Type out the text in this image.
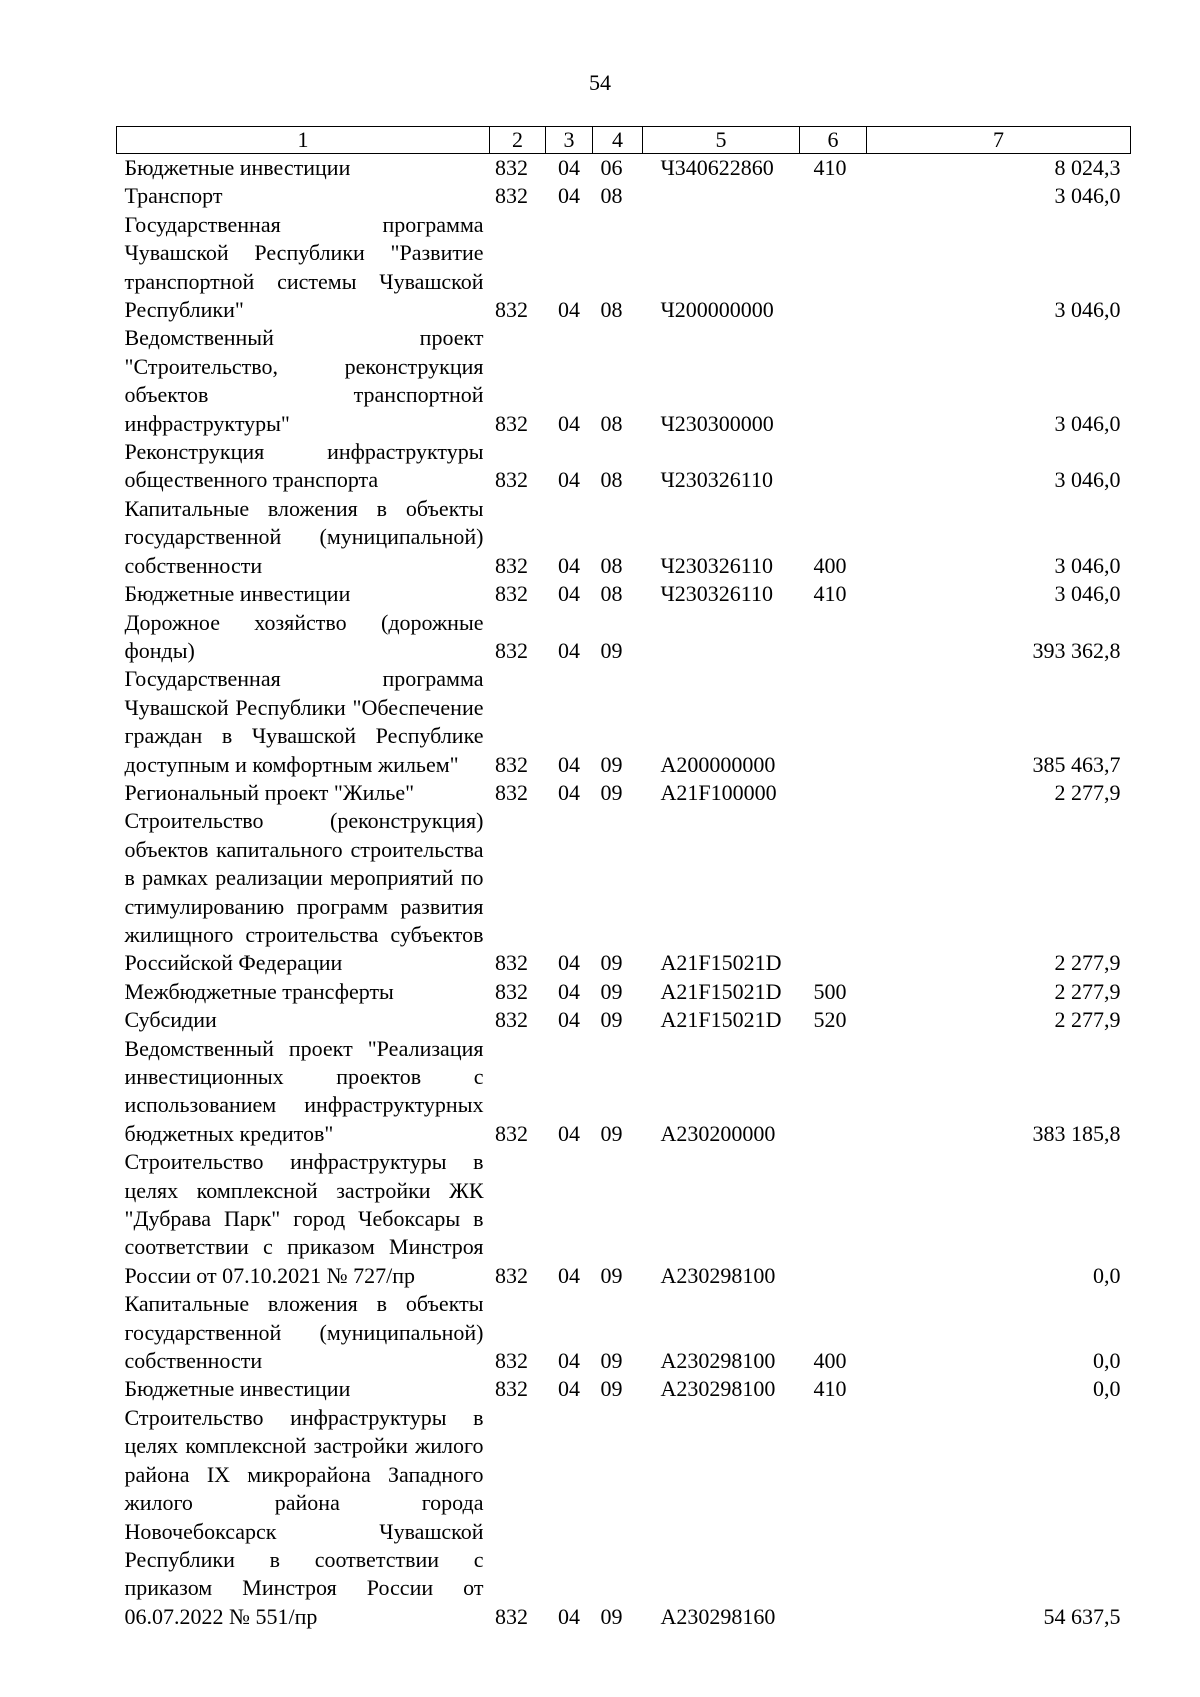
54
1	2	3	4	5	6	7
Бюджетные инвестиции	832	04	06	Ч340622860	410	8 024,3
Транспорт	832	04	08			3 046,0
Государственная программа Чувашской Республики "Развитие транспортной системы Чувашской Республики"	832	04	08	Ч200000000		3 046,0
Ведомственный проект "Строительство, реконструкция объектов транспортной инфраструктуры"	832	04	08	Ч230300000		3 046,0
Реконструкция инфраструктуры общественного транспорта	832	04	08	Ч230326110		3 046,0
Капитальные вложения в объекты государственной (муниципальной) собственности	832	04	08	Ч230326110	400	3 046,0
Бюджетные инвестиции	832	04	08	Ч230326110	410	3 046,0
Дорожное хозяйство (дорожные фонды)	832	04	09			393 362,8
Государственная программа Чувашской Республики "Обеспечение граждан в Чувашской Республике доступным и комфортным жильем"	832	04	09	A200000000		385 463,7
Региональный проект "Жилье"	832	04	09	A21F100000		2 277,9
Строительство (реконструкция) объектов капитального строительства в рамках реализации мероприятий по стимулированию программ развития жилищного строительства субъектов Российской Федерации	832	04	09	A21F15021D		2 277,9
Межбюджетные трансферты	832	04	09	A21F15021D	500	2 277,9
Субсидии	832	04	09	A21F15021D	520	2 277,9
Ведомственный проект "Реализация инвестиционных проектов с использованием инфраструктурных бюджетных кредитов"	832	04	09	A230200000		383 185,8
Строительство инфраструктуры в целях комплексной застройки ЖК "Дубрава Парк" город Чебоксары в соответствии с приказом Минстроя России от 07.10.2021 № 727/пр	832	04	09	A230298100		0,0
Капитальные вложения в объекты государственной (муниципальной) собственности	832	04	09	A230298100	400	0,0
Бюджетные инвестиции	832	04	09	A230298100	410	0,0
Строительство инфраструктуры в целях комплексной застройки жилого района IX микрорайона Западного жилого района города Новочебоксарск Чувашской Республики в соответствии с приказом Минстроя России от 06.07.2022 № 551/пр	832	04	09	A230298160		54 637,5
